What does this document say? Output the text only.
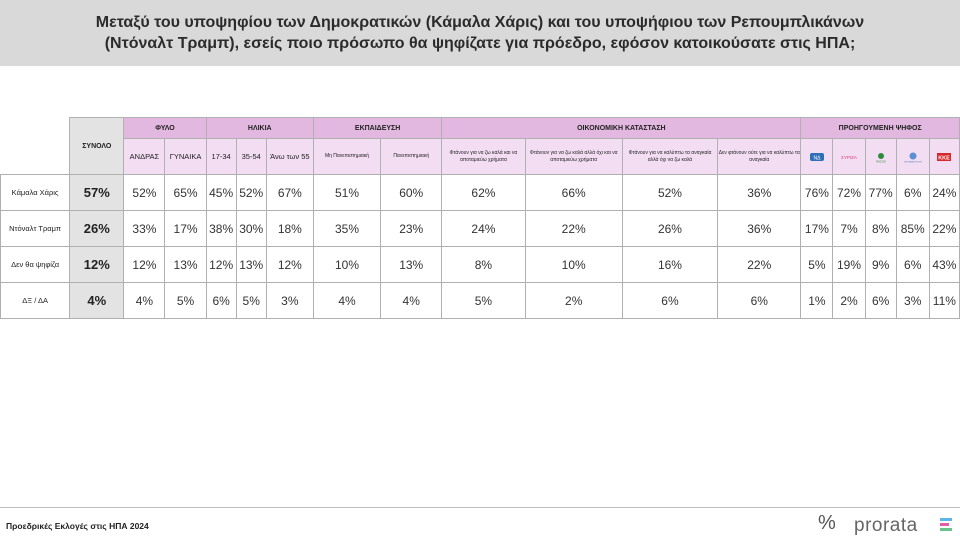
Μεταξύ του υποψηφίου των Δημοκρατικών (Κάμαλα Χάρις) και του υποψήφιου των Ρεπουμπλικάνων
(Ντόναλτ Τραμπ), εσείς ποιο πρόσωπο θα ψηφίζατε για πρόεδρο, εφόσον κατοικούσατε στις ΗΠΑ;
	ΣΥΝΟΛΟ	ΦΥΛΟ		ΗΛΙΚΙΑ			ΕΚΠΑΙΔΕΥΣΗ		ΟΙΚΟΝΟΜΙΚΗ ΚΑΤΑΣΤΑΣΗ				ΠΡΟΗΓΟΥΜΕΝΗ ΨΗΦΟΣ				
		ΑΝΔΡΑΣ	ΓΥΝΑΙΚΑ	17-34	35-54	Άνω των 55	Μη Πανεπιστημιακή	Πανεπιστημιακή	Φτάνουν για να ζω καλά και να αποταμιεύω χρήματα	Φτάνουν για να ζω καλά αλλά όχι και να αποταμιεύω χρήματα	Φτάνουν για να καλύπτω τα αναγκαία αλλά όχι να ζω καλά	Δεν φτάνουν ούτε για να καλύπτω τα αναγκαία	ΝΔ	ΣΥΡΙΖΑ	ΠΑΣΟΚ	ΕΛΛΗΝΙΚΗ ΛΥΣΗ	ΚΚΕ

Κάμαλα Χάρις	57%	52%	65%	45%	52%	67%	51%	60%	62%	66%	52%	36%	76%	72%	77%	6%	24%
Ντόναλτ Τραμπ	26%	33%	17%	38%	30%	18%	35%	23%	24%	22%	26%	36%	17%	7%	8%	85%	22%
Δεν θα ψηφίζα	12%	12%	13%	12%	13%	12%	10%	13%	8%	10%	16%	22%	5%	19%	9%	6%	43%
ΔΞ / ΔΑ	4%	4%	5%	6%	5%	3%	4%	4%	5%	2%	6%	6%	1%	2%	6%	3%	11%
Προεδρικές Εκλογές στις ΗΠΑ 2024	% prorata
